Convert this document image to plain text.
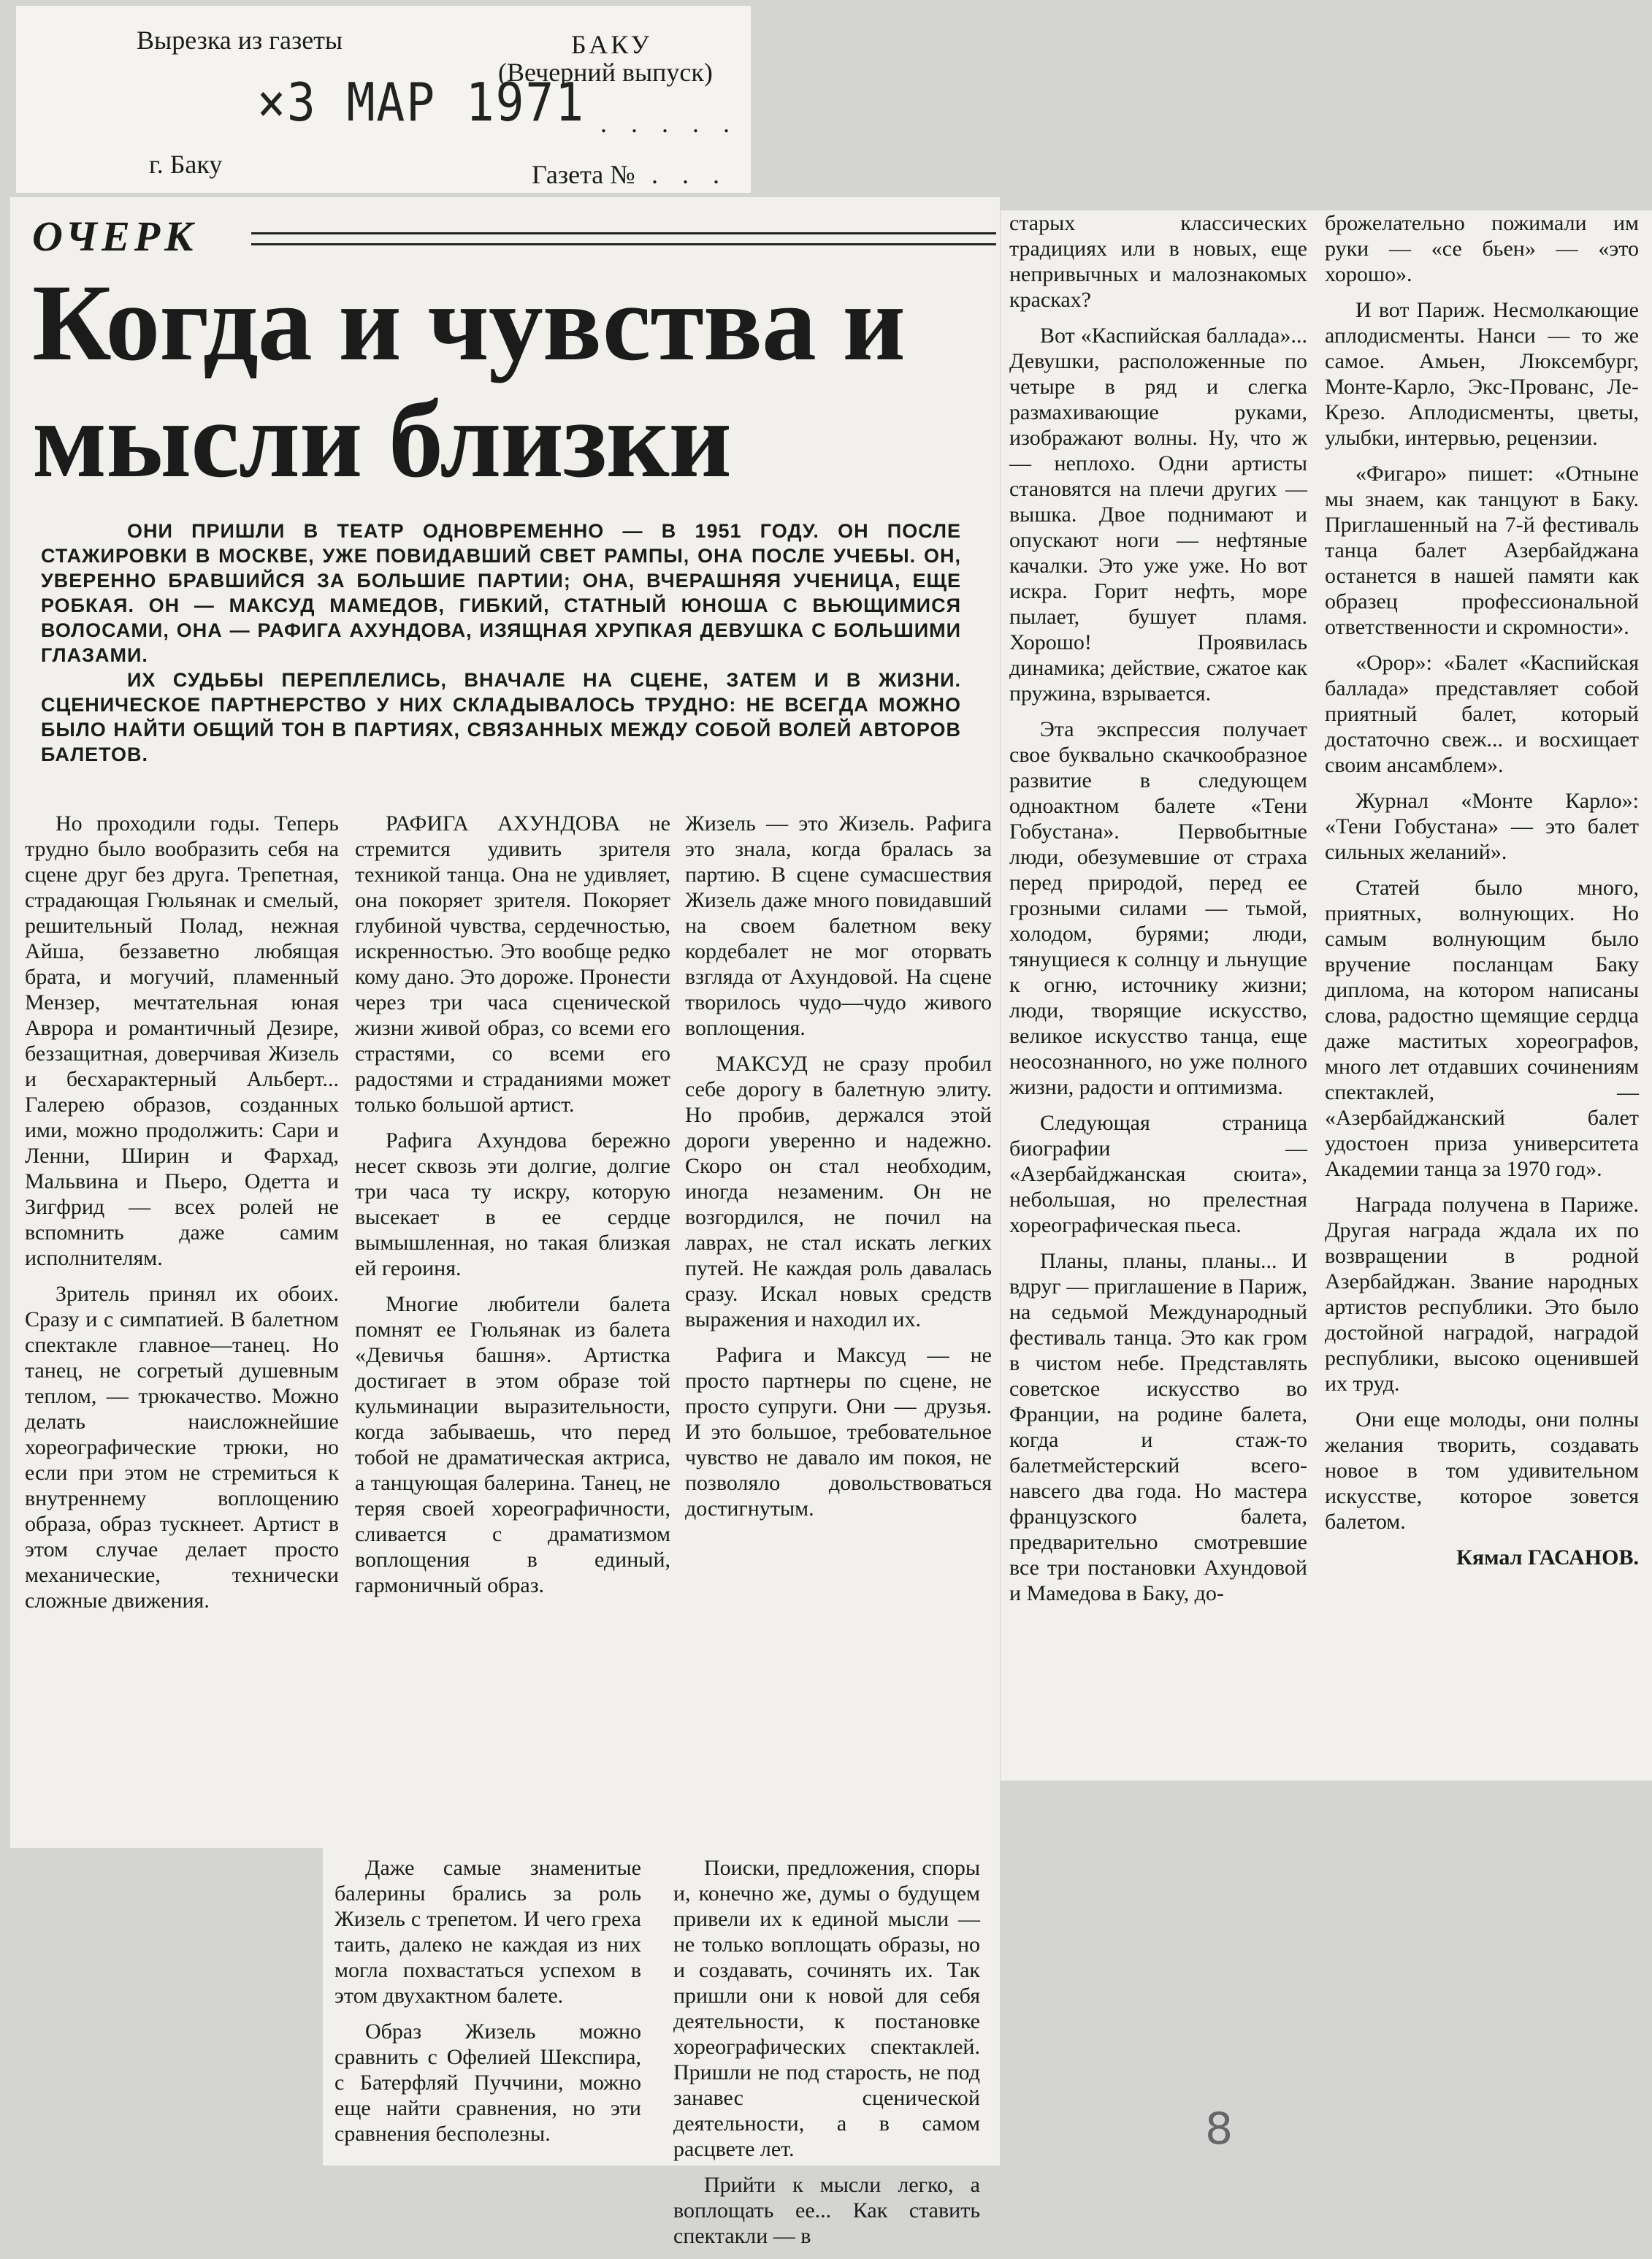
Вырезка из газеты	БАКУ
(Вечерний выпуск)
×3 МАР 1971 . . . . .
г. Баку	Газета № . . .
ОЧЕРК
Когда и чувства и мысли близки

ОНИ ПРИШЛИ В ТЕАТР ОДНОВРЕМЕННО — В 1951 ГОДУ. ОН ПОСЛЕ СТАЖИРОВКИ В МОСКВЕ, УЖЕ ПОВИДАВШИЙ СВЕТ РАМПЫ, ОНА ПОСЛЕ УЧЕБЫ. ОН, УВЕРЕННО БРАВШИЙСЯ ЗА БОЛЬШИЕ ПАРТИИ; ОНА, ВЧЕРАШНЯЯ УЧЕНИЦА, ЕЩЕ РОБКАЯ. ОН — МАКСУД МАМЕДОВ, ГИБКИЙ, СТАТНЫЙ ЮНОША С ВЬЮЩИМИСЯ ВОЛОСАМИ, ОНА — РАФИГА АХУНДОВА, ИЗЯЩНАЯ ХРУПКАЯ ДЕВУШКА С БОЛЬШИМИ ГЛАЗАМИ.

ИХ СУДЬБЫ ПЕРЕПЛЕЛИСЬ, ВНАЧАЛЕ НА СЦЕНЕ, ЗАТЕМ И В ЖИЗНИ. СЦЕНИЧЕСКОЕ ПАРТНЕРСТВО У НИХ СКЛАДЫВАЛОСЬ ТРУДНО: НЕ ВСЕГДА МОЖНО БЫЛО НАЙТИ ОБЩИЙ ТОН В ПАРТИЯХ, СВЯЗАННЫХ МЕЖДУ СОБОЙ ВОЛЕЙ АВТОРОВ БАЛЕТОВ.

Но проходили годы. Теперь трудно было вообразить себя на сцене друг без друга. Трепетная, страдающая Гюльянак и смелый, решительный Полад, нежная Айша, беззаветно любящая брата, и могучий, пламенный Мензер, мечтательная юная Аврора и романтичный Дезире, беззащитная, доверчивая Жизель и бесхарактерный Альберт... Галерею образов, созданных ими, можно продолжить: Сари и Ленни, Ширин и Фархад, Мальвина и Пьеро, Одетта и Зигфрид — всех ролей не вспомнить даже самим исполнителям.

Зритель принял их обоих. Сразу и с симпатией. В балетном спектакле главное—танец. Но танец, не согретый душевным теплом, — трюкачество. Можно делать наисложнейшие хореографические трюки, но если при этом не стремиться к внутреннему воплощению образа, образ тускнеет. Артист в этом случае делает просто механические, технически сложные движения.

РАФИГА АХУНДОВА не стремится удивить зрителя техникой танца. Она не удивляет, она покоряет зрителя. Покоряет глубиной чувства, сердечностью, искренностью. Это вообще редко кому дано. Это дороже. Пронести через три часа сценической жизни живой образ, со всеми его страстями, со всеми его радостями и страданиями может только большой артист.

Рафига Ахундова бережно несет сквозь эти долгие, долгие три часа ту искру, которую высекает в ее сердце вымышленная, но такая близкая ей героиня.

Многие любители балета помнят ее Гюльянак из балета «Девичья башня». Артистка достигает в этом образе той кульминации выразительности, когда забываешь, что перед тобой не драматическая актриса, а танцующая балерина. Танец, не теряя своей хореографичности, сливается с драматизмом воплощения в единый, гармоничный образ.

Жизель — это Жизель. Рафига это знала, когда бралась за партию. В сцене сумасшествия Жизель даже много повидавший на своем балетном веку кордебалет не мог оторвать взгляда от Ахундовой. На сцене творилось чудо—чудо живого воплощения.

МАКСУД не сразу пробил себе дорогу в балетную элиту. Но пробив, держался этой дороги уверенно и надежно. Скоро он стал необходим, иногда незаменим. Он не возгордился, не почил на лаврах, не стал искать легких путей. Не каждая роль давалась сразу. Искал новых средств выражения и находил их.

Рафига и Максуд — не просто партнеры по сцене, не просто супруги. Они — друзья. И это большое, требовательное чувство не давало им покоя, не позволяло довольствоваться достигнутым.

Даже самые знаменитые балерины брались за роль Жизель с трепетом. И чего греха таить, далеко не каждая из них могла похвастаться успехом в этом двухактном балете.

Образ Жизель можно сравнить с Офелией Шекспира, с Батерфляй Пуччини, можно еще найти сравнения, но эти сравнения бесполезны.

Поиски, предложения, споры и, конечно же, думы о будущем привели их к единой мысли — не только воплощать образы, но и создавать, сочинять их. Так пришли они к новой для себя деятельности, к постановке хореографических спектаклей. Пришли не под старость, не под занавес сценической деятельности, а в самом расцвете лет.

Прийти к мысли легко, а воплощать ее... Как ставить спектакли — в

старых классических традициях или в новых, еще непривычных и малознакомых красках?

Вот «Каспийская баллада»... Девушки, расположенные по четыре в ряд и слегка размахивающие руками, изображают волны. Ну, что ж — неплохо. Одни артисты становятся на плечи других — вышка. Двое поднимают и опускают ноги — нефтяные качалки. Это уже уже. Но вот искра. Горит нефть, море пылает, бушует пламя. Хорошо! Проявилась динамика; действие, сжатое как пружина, взрывается.

Эта экспрессия получает свое буквально скачкообразное развитие в следующем одноактном балете «Тени Гобустана». Первобытные люди, обезумевшие от страха перед природой, перед ее грозными силами — тьмой, холодом, бурями; люди, тянущиеся к солнцу и льнущие к огню, источнику жизни; люди, творящие искусство, великое искусство танца, еще неосознанного, но уже полного жизни, радости и оптимизма.

Следующая страница биографии — «Азербайджанская сюита», небольшая, но прелестная хореографическая пьеса.

Планы, планы, планы... И вдруг — приглашение в Париж, на седьмой Международный фестиваль танца. Это как гром в чистом небе. Представлять советское искусство во Франции, на родине балета, когда и стаж-то балетмейстерский всего-навсего два года. Но мастера французского балета, предварительно смотревшие все три постановки Ахундовой и Мамедова в Баку, до-

брожелательно пожимали им руки — «се бьен» — «это хорошо».

И вот Париж. Несмолкающие аплодисменты. Нанси — то же самое. Амьен, Люксембург, Монте-Карло, Экс-Прованс, Ле-Крезо. Аплодисменты, цветы, улыбки, интервью, рецензии.

«Фигаро» пишет: «Отныне мы знаем, как танцуют в Баку. Приглашенный на 7-й фестиваль танца балет Азербайджана останется в нашей памяти как образец профессиональной ответственности и скромности».

«Орор»: «Балет «Каспийская баллада» представляет собой приятный балет, который достаточно свеж... и восхищает своим ансамблем».

Журнал «Монте Карло»: «Тени Гобустана» — это балет сильных желаний».

Статей было много, приятных, волнующих. Но самым волнующим было вручение посланцам Баку диплома, на котором написаны слова, радостно щемящие сердца даже маститых хореографов, много лет отдавших сочинениям спектаклей, — «Азербайджанский балет удостоен приза университета Академии танца за 1970 год».

Награда получена в Париже. Другая награда ждала их по возвращении в родной Азербайджан. Звание народных артистов республики. Это было достойной наградой, наградой республики, высоко оценившей их труд.

Они еще молоды, они полны желания творить, создавать новое в том удивительном искусстве, которое зовется балетом.

Кямал ГАСАНОВ.

8
